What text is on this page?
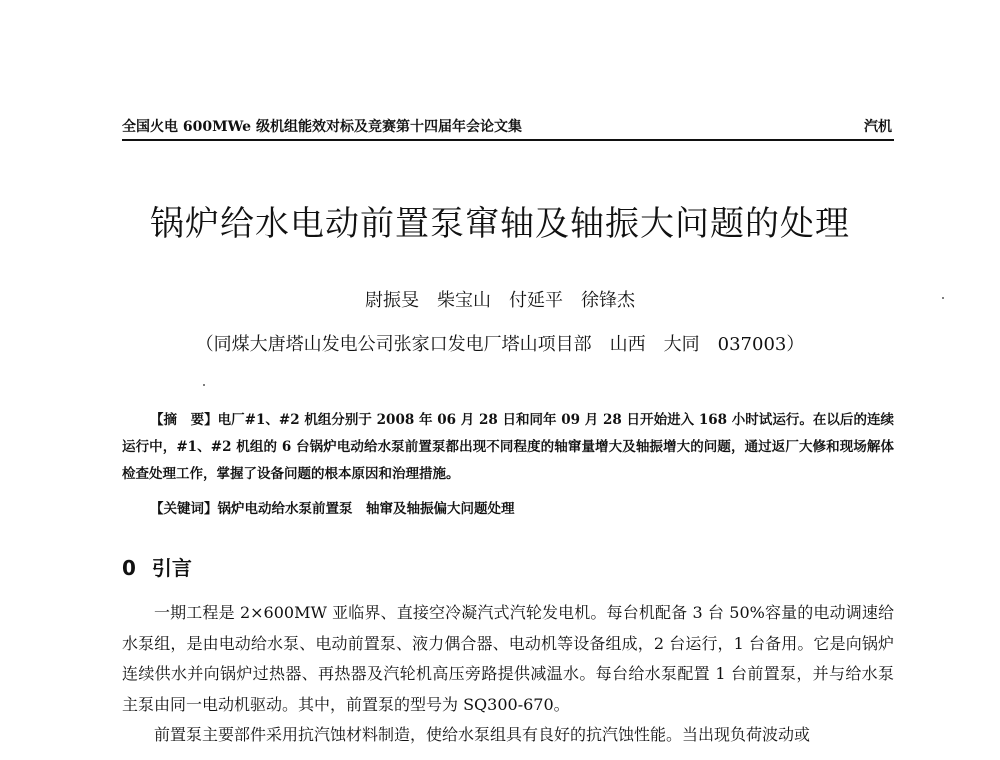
全国火电 600MWe 级机组能效对标及竞赛第十四届年会论文集	汽机
锅炉给水电动前置泵窜轴及轴振大问题的处理
尉振旻 柴宝山 付延平 徐锋杰
（同煤大唐塔山发电公司张家口发电厂塔山项目部　山西　大同　037003）
【摘　要】电厂#1、#2 机组分别于 2008 年 06 月 28 日和同年 09 月 28 日开始进入 168 小时试运行。在以后的连续运行中，#1、#2 机组的 6 台锅炉电动给水泵前置泵都出现不同程度的轴窜量增大及轴振增大的问题，通过返厂大修和现场解体检查处理工作，掌握了设备问题的根本原因和治理措施。
【关键词】锅炉电动给水泵前置泵　轴窜及轴振偏大问题处理
0 引言

一期工程是 2×600MW 亚临界、直接空冷凝汽式汽轮发电机。每台机配备 3 台 50%容量的电动调速给水泵组，是由电动给水泵、电动前置泵、液力偶合器、电动机等设备组成，2 台运行，1 台备用。它是向锅炉连续供水并向锅炉过热器、再热器及汽轮机高压旁路提供减温水。每台给水泵配置 1 台前置泵，并与给水泵主泵由同一电动机驱动。其中，前置泵的型号为 SQ300-670。

前置泵主要部件采用抗汽蚀材料制造，使给水泵组具有良好的抗汽蚀性能。当出现负荷波动或
